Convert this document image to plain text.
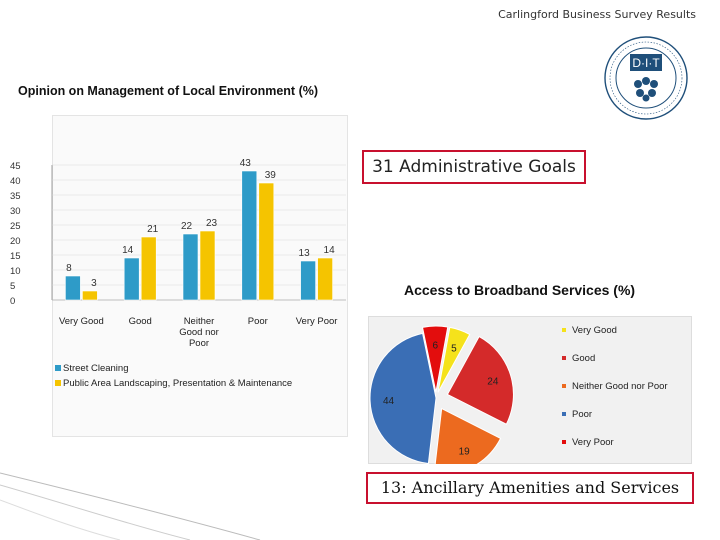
Carlingford Business Survey Results
D·I·T
Opinion on Management of Local Environment (%)
0
5
10
15
20
25
30
35
40
45
8
3
14
21 22 23
43
39
13 14
Very Good	Good	Neither Good nor Poor
Poor	Very Poor
Street Cleaning
Public Area Landscaping, Presentation & Maintenance
31 Administrative Goals
Access to Broadband Services (%)
6 5
24
19
44
Very Good
Good
Neither Good nor Poor
Poor
Very Poor
13: Ancillary Amenities and Services
